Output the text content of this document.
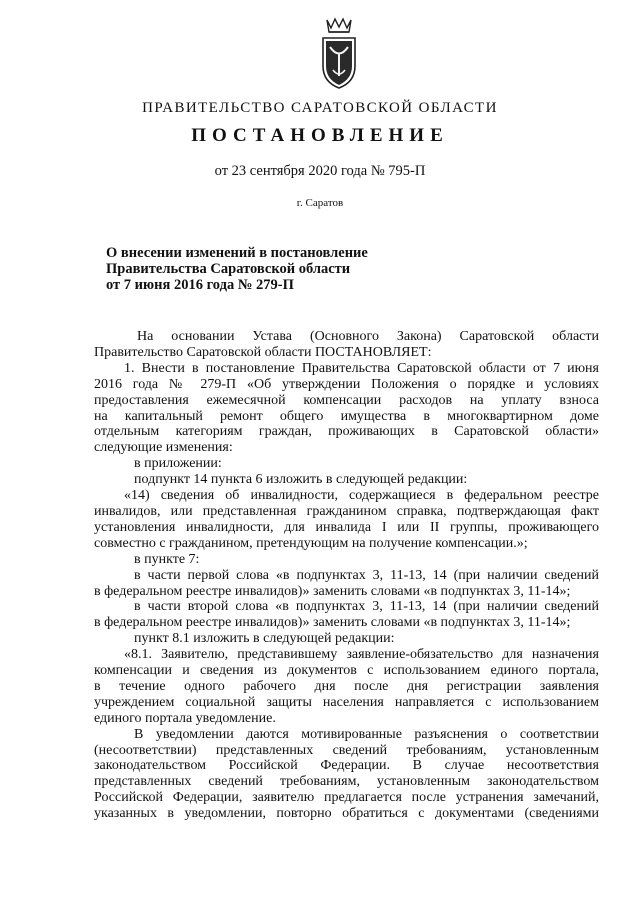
ПРАВИТЕЛЬСТВО САРАТОВСКОЙ ОБЛАСТИ
ПОСТАНОВЛЕНИЕ
от 23 сентября 2020 года № 795-П
г. Саратов
О внесении изменений в постановление
Правительства Саратовской области
от 7 июня 2016 года № 279-П
На основании Устава (Основного Закона) Саратовской области
Правительство Саратовской области ПОСТАНОВЛЯЕТ:
1. Внести в постановление Правительства Саратовской области от 7 июня
2016 года № 279-П «Об утверждении Положения о порядке и условиях
предоставления ежемесячной компенсации расходов на уплату взноса
на капитальный ремонт общего имущества в многоквартирном доме
отдельным категориям граждан, проживающих в Саратовской области»
следующие изменения:
в приложении:
подпункт 14 пункта 6 изложить в следующей редакции:
«14) сведения об инвалидности, содержащиеся в федеральном реестре
инвалидов, или представленная гражданином справка, подтверждающая факт
установления инвалидности, для инвалида I или II группы, проживающего
совместно с гражданином, претендующим на получение компенсации.»;
в пункте 7:
в части первой слова «в подпунктах 3, 11-13, 14 (при наличии сведений
в федеральном реестре инвалидов)» заменить словами «в подпунктах 3, 11-14»;
в части второй слова «в подпунктах 3, 11-13, 14 (при наличии сведений
в федеральном реестре инвалидов)» заменить словами «в подпунктах 3, 11-14»;
пункт 8.1 изложить в следующей редакции:
«8.1. Заявителю, представившему заявление-обязательство для назначения
компенсации и сведения из документов с использованием единого портала,
в течение одного рабочего дня после дня регистрации заявления
учреждением социальной защиты населения направляется с использованием
единого портала уведомление.
В уведомлении даются мотивированные разъяснения о соответствии
(несоответствии) представленных сведений требованиям, установленным
законодательством Российской Федерации. В случае несоответствия
представленных сведений требованиям, установленным законодательством
Российской Федерации, заявителю предлагается после устранения замечаний,
указанных в уведомлении, повторно обратиться с документами (сведениями
